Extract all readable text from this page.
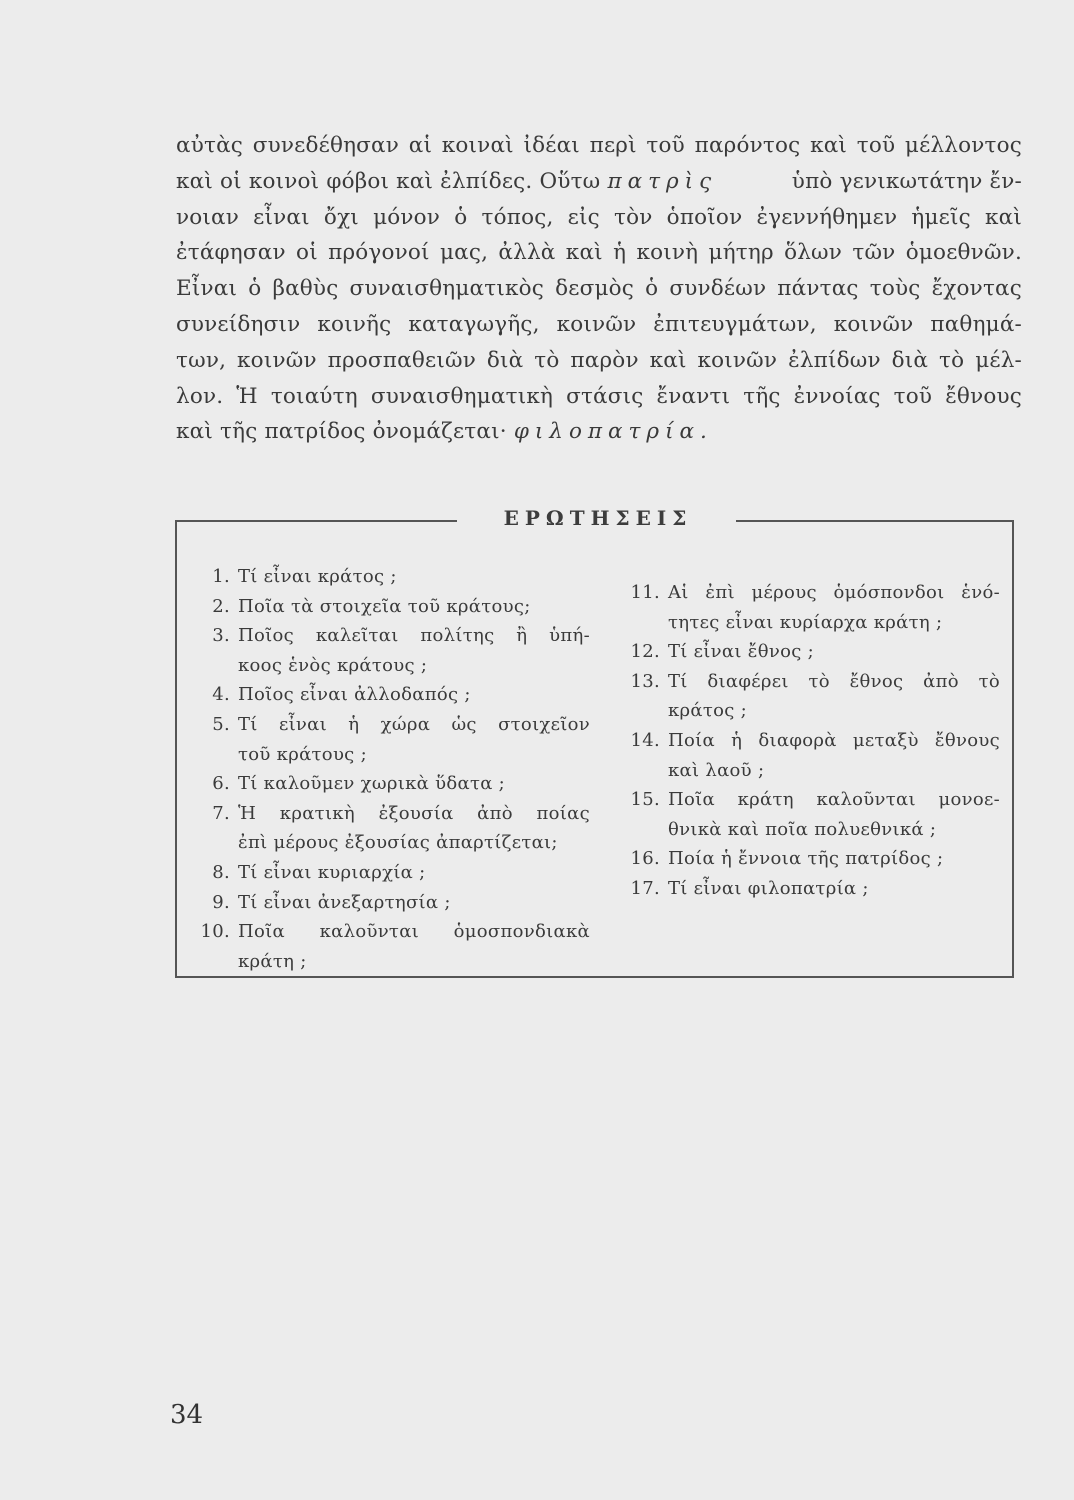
αὐτὰς συνεδέθησαν αἱ κοιναὶ ἰδέαι περὶ τοῦ παρόντος καὶ τοῦ μέλλοντος
καὶ οἱ κοινοὶ φόβοι καὶ ἐλπίδες. Οὕτω πατρὶς	ὑπὸ γενικωτάτην ἔν-
νοιαν εἶναι ὄχι μόνον ὁ τόπος, εἰς τὸν ὁποῖον ἐγεννήθημεν ἡμεῖς καὶ
ἐτάφησαν οἱ πρόγονοί μας, ἀλλὰ καὶ ἡ κοινὴ μήτηρ ὅλων τῶν ὁμοεθνῶν.
Εἶναι ὁ βαθὺς συναισθηματικὸς δεσμὸς ὁ συνδέων πάντας τοὺς ἔχοντας
συνείδησιν κοινῆς καταγωγῆς, κοινῶν ἐπιτευγμάτων, κοινῶν παθημά-
των, κοινῶν προσπαθειῶν διὰ τὸ παρὸν καὶ κοινῶν ἐλπίδων διὰ τὸ μέλ-
λον. Ἡ τοιαύτη συναισθηματικὴ στάσις ἔναντι τῆς ἐννοίας τοῦ ἔθνους
καὶ τῆς πατρίδος ὀνομάζεται· φιλοπατρία.
ΕΡΩΤΗΣΕΙΣ
1. Τί εἶναι κράτος ;
2. Ποῖα τὰ στοιχεῖα τοῦ κράτους;
3. Ποῖος καλεῖται πολίτης ἢ ὑπή-
κοος ἑνὸς κράτους ;
4. Ποῖος εἶναι ἀλλοδαπός ;
5. Τί εἶναι ἡ χώρα ὡς στοιχεῖον
τοῦ κράτους ;
6. Τί καλοῦμεν χωρικὰ ὕδατα ;
7. Ἡ κρατικὴ ἐξουσία ἀπὸ ποίας
ἐπὶ μέρους ἐξουσίας ἀπαρτίζεται;
8. Τί εἶναι κυριαρχία ;
9. Τί εἶναι ἀνεξαρτησία ;
10. Ποῖα καλοῦνται ὁμοσπονδιακὰ
κράτη ;
11. Αἱ ἐπὶ μέρους ὁμόσπονδοι ἑνό-
τητες εἶναι κυρίαρχα κράτη ;
12. Τί εἶναι ἔθνος ;
13. Τί διαφέρει τὸ ἔθνος ἀπὸ τὸ
κράτος ;
14. Ποία ἡ διαφορὰ μεταξὺ ἔθνους
καὶ λαοῦ ;
15. Ποῖα κράτη καλοῦνται μονοε-
θνικὰ καὶ ποῖα πολυεθνικά ;
16. Ποία ἡ ἔννοια τῆς πατρίδος ;
17. Τί εἶναι φιλοπατρία ;
34
